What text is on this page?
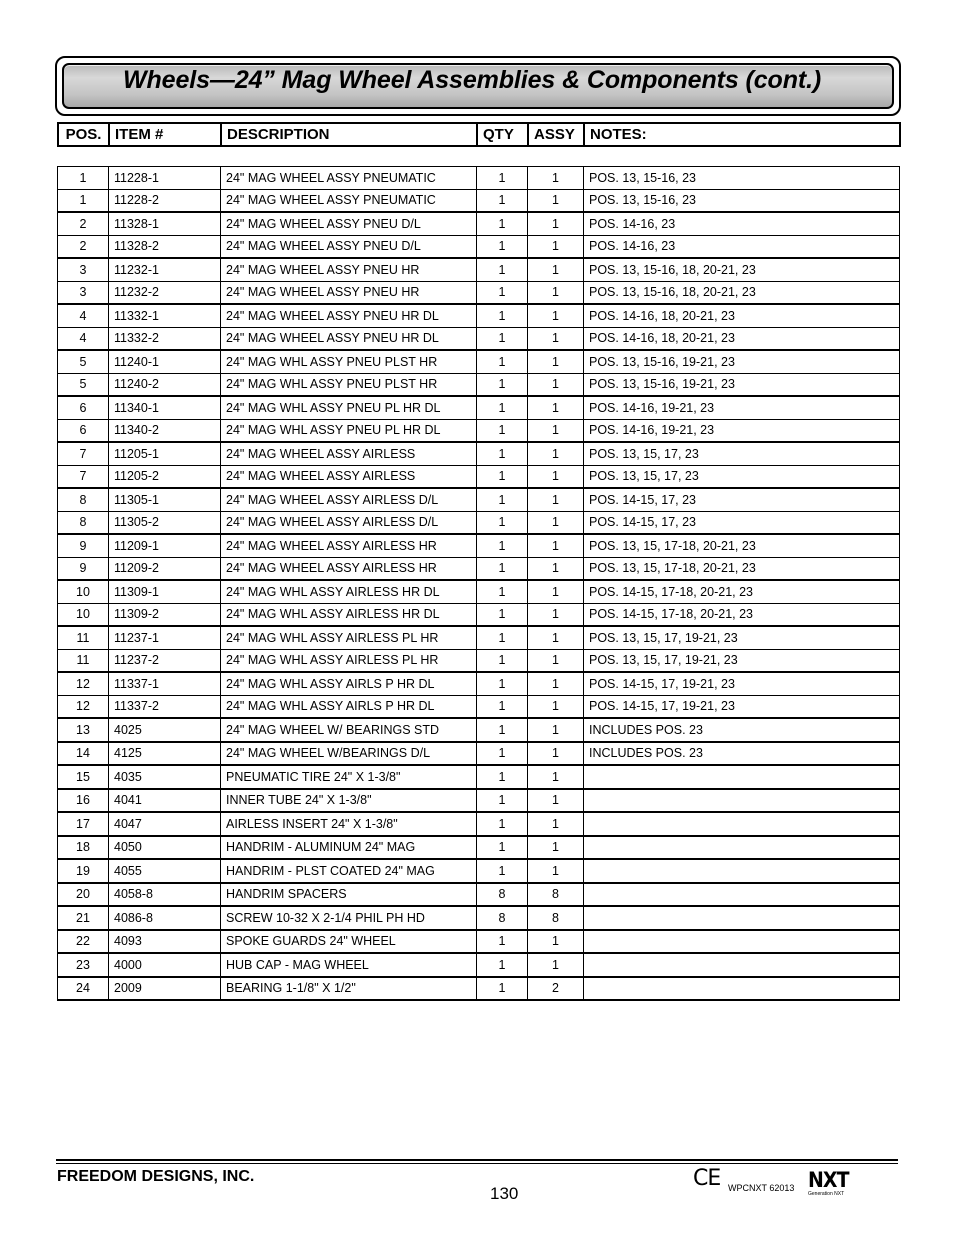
Wheels—24” Mag Wheel Assemblies & Components (cont.)
POS.	ITEM #	DESCRIPTION	QTY	ASSY	NOTES:
1	11228-1	24" MAG WHEEL ASSY PNEUMATIC	1	1	POS. 13, 15-16, 23
1	11228-2	24" MAG WHEEL ASSY PNEUMATIC	1	1	POS. 13, 15-16, 23
2	11328-1	24" MAG WHEEL ASSY PNEU D/L	1	1	POS. 14-16, 23
2	11328-2	24" MAG WHEEL ASSY PNEU D/L	1	1	POS. 14-16, 23
3	11232-1	24" MAG WHEEL ASSY PNEU HR	1	1	POS. 13, 15-16, 18, 20-21, 23
3	11232-2	24" MAG WHEEL ASSY PNEU HR	1	1	POS. 13, 15-16, 18, 20-21, 23
4	11332-1	24" MAG WHEEL ASSY PNEU HR DL	1	1	POS. 14-16, 18, 20-21, 23
4	11332-2	24" MAG WHEEL ASSY PNEU HR DL	1	1	POS. 14-16, 18, 20-21, 23
5	11240-1	24" MAG WHL ASSY PNEU PLST HR	1	1	POS. 13, 15-16, 19-21, 23
5	11240-2	24" MAG WHL ASSY PNEU PLST HR	1	1	POS. 13, 15-16, 19-21, 23
6	11340-1	24" MAG WHL ASSY PNEU PL HR DL	1	1	POS. 14-16, 19-21, 23
6	11340-2	24" MAG WHL ASSY PNEU PL HR DL	1	1	POS. 14-16, 19-21, 23
7	11205-1	24" MAG WHEEL ASSY AIRLESS	1	1	POS. 13, 15, 17, 23
7	11205-2	24" MAG WHEEL ASSY AIRLESS	1	1	POS. 13, 15, 17, 23
8	11305-1	24" MAG WHEEL ASSY AIRLESS D/L	1	1	POS. 14-15, 17, 23
8	11305-2	24" MAG WHEEL ASSY AIRLESS D/L	1	1	POS. 14-15, 17, 23
9	11209-1	24" MAG WHEEL ASSY AIRLESS HR	1	1	POS. 13, 15, 17-18, 20-21, 23
9	11209-2	24" MAG WHEEL ASSY AIRLESS HR	1	1	POS. 13, 15, 17-18, 20-21, 23
10	11309-1	24" MAG WHL ASSY AIRLESS HR DL	1	1	POS. 14-15, 17-18, 20-21, 23
10	11309-2	24" MAG WHL ASSY AIRLESS HR DL	1	1	POS. 14-15, 17-18, 20-21, 23
11	11237-1	24" MAG WHL ASSY AIRLESS PL HR	1	1	POS. 13, 15, 17, 19-21, 23
11	11237-2	24" MAG WHL ASSY AIRLESS PL HR	1	1	POS. 13, 15, 17, 19-21, 23
12	11337-1	24" MAG WHL ASSY AIRLS P HR DL	1	1	POS. 14-15, 17, 19-21, 23
12	11337-2	24" MAG WHL ASSY AIRLS P HR DL	1	1	POS. 14-15, 17, 19-21, 23
13	4025	24" MAG WHEEL W/ BEARINGS STD	1	1	INCLUDES POS. 23
14	4125	24" MAG WHEEL W/BEARINGS D/L	1	1	INCLUDES POS. 23
15	4035	PNEUMATIC TIRE 24" X 1-3/8"	1	1	
16	4041	INNER TUBE 24" X 1-3/8"	1	1	
17	4047	AIRLESS INSERT 24" X 1-3/8"	1	1	
18	4050	HANDRIM - ALUMINUM 24" MAG	1	1	
19	4055	HANDRIM - PLST COATED 24" MAG	1	1	
20	4058-8	HANDRIM SPACERS	8	8	
21	4086-8	SCREW 10-32 X 2-1/4 PHIL PH HD	8	8	
22	4093	SPOKE GUARDS 24" WHEEL	1	1	
23	4000	HUB CAP - MAG WHEEL	1	1	
24	2009	BEARING 1-1/8" X 1/2"	1	2	
FREEDOM DESIGNS, INC.
130
CE WPCNXT 62013 NXT
Generation NXT
